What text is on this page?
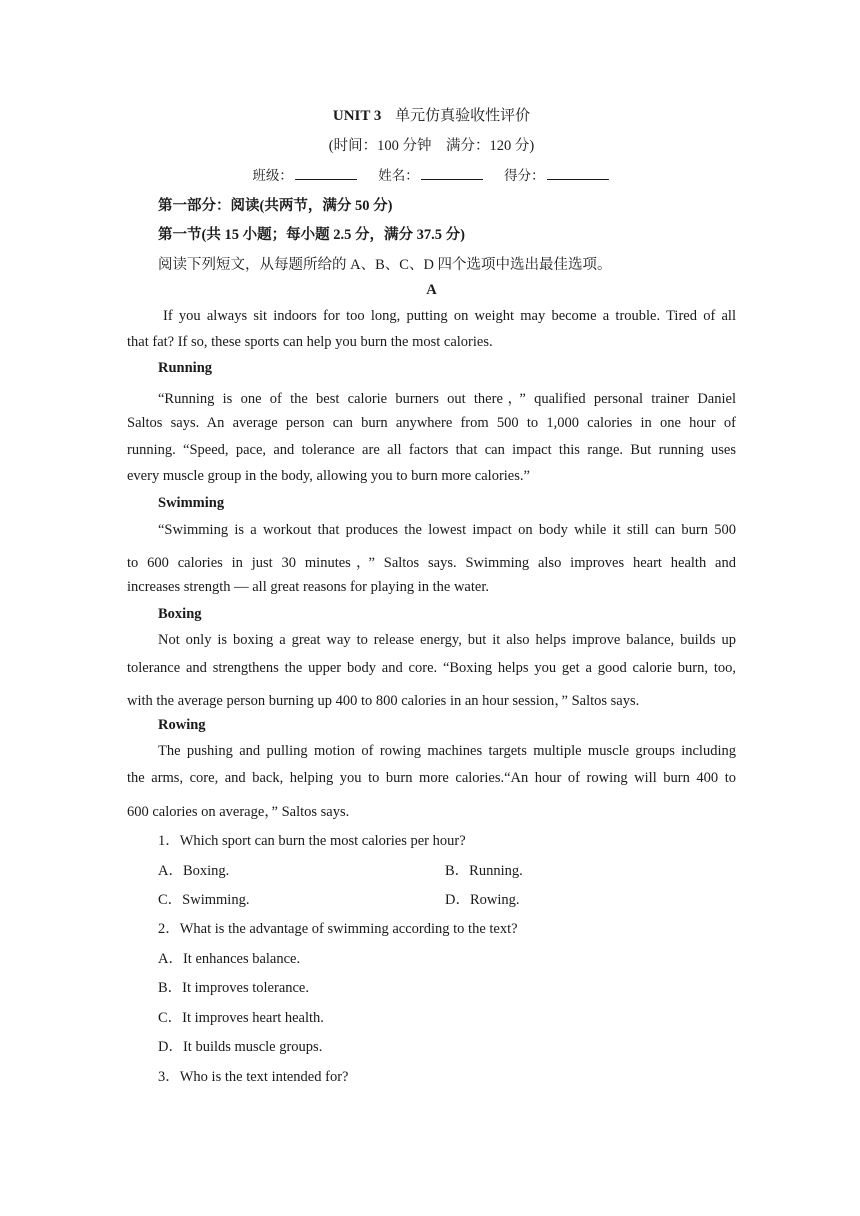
UNIT 3 单元仿真验收性评价
(时间：100 分钟　满分：120 分)
班级：	姓名：	得分：
第一部分：阅读(共两节，满分 50 分)
第一节(共 15 小题；每小题 2.5 分，满分 37.5 分)
阅读下列短文，从每题所给的 A、B、C、D 四个选项中选出最佳选项。
A
If you always sit indoors for too long, putting on weight may become a trouble. Tired of all
that fat? If so, these sports can help you burn the most calories.
Running
“Running is one of the best calorie burners out there，” qualified personal trainer Daniel
Saltos says. An average person can burn anywhere from 500 to 1,000 calories in one hour of
running. “Speed, pace, and tolerance are all factors that can impact this range. But running uses
every muscle group in the body, allowing you to burn more calories.”
Swimming
“Swimming is a workout that produces the lowest impact on body while it still can burn 500
to 600 calories in just 30 minutes，” Saltos says. Swimming also improves heart health and
increases strength — all great reasons for playing in the water.
Boxing
Not only is boxing a great way to release energy, but it also helps improve balance, builds up
tolerance and strengthens the upper body and core. “Boxing helps you get a good calorie burn, too,
with the average person burning up 400 to 800 calories in an hour session，” Saltos says.
Rowing
The pushing and pulling motion of rowing machines targets multiple muscle groups including
the arms, core, and back, helping you to burn more calories.“An hour of rowing will burn 400 to
600 calories on average，” Saltos says.
1．Which sport can burn the most calories per hour?
A．Boxing.	B．Running.
C．Swimming.	D．Rowing.
2．What is the advantage of swimming according to the text?
A．It enhances balance.
B．It improves tolerance.
C．It improves heart health.
D．It builds muscle groups.
3．Who is the text intended for?
